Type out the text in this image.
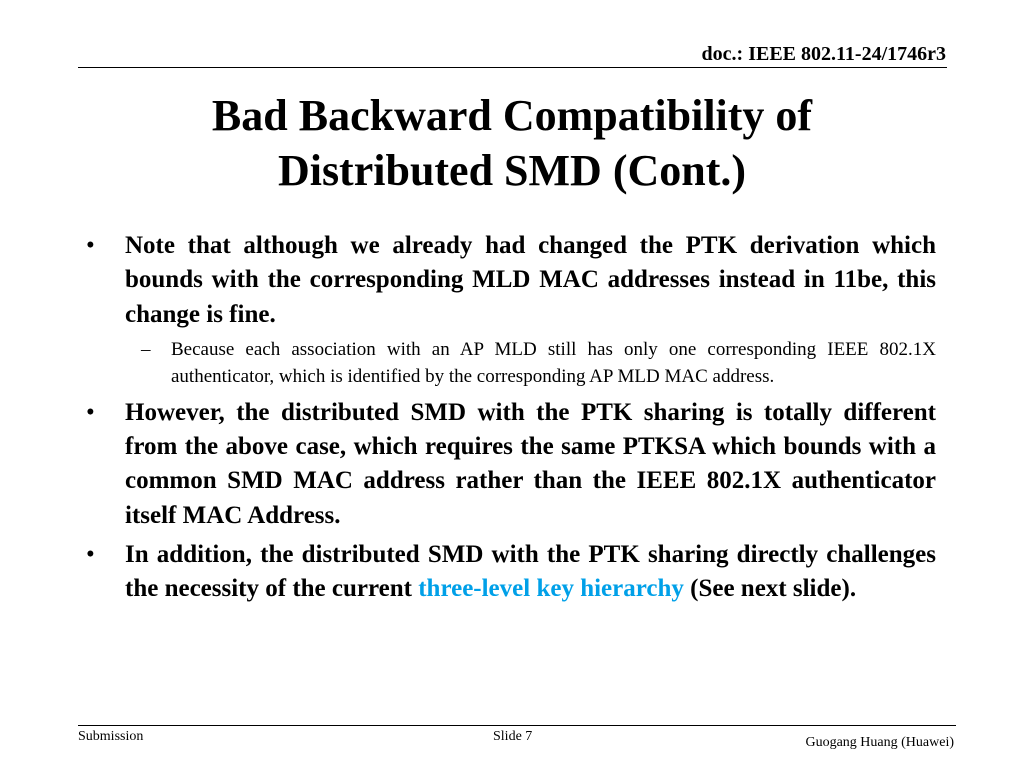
doc.: IEEE 802.11-24/1746r3
Bad Backward Compatibility of
Distributed SMD (Cont.)
• Note that although we already had changed the PTK derivation which bounds with the corresponding MLD MAC addresses instead in 11be, this change is fine.
– Because each association with an AP MLD still has only one corresponding IEEE 802.1X authenticator, which is identified by the corresponding AP MLD MAC address.
• However, the distributed SMD with the PTK sharing is totally different from the above case, which requires the same PTKSA which bounds with a common SMD MAC address rather than the IEEE 802.1X authenticator itself MAC Address.
• In addition, the distributed SMD with the PTK sharing directly challenges the necessity of the current three-level key hierarchy (See next slide).
Submission	Slide 7	Guogang Huang (Huawei)
